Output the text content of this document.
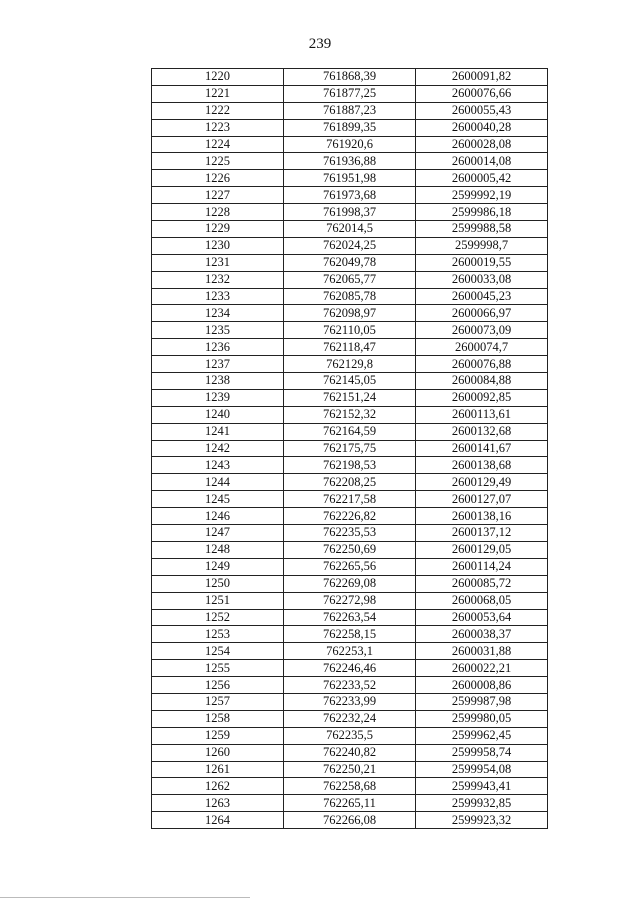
239
1220	761868,39	2600091,82
1221	761877,25	2600076,66
1222	761887,23	2600055,43
1223	761899,35	2600040,28
1224	761920,6	2600028,08
1225	761936,88	2600014,08
1226	761951,98	2600005,42
1227	761973,68	2599992,19
1228	761998,37	2599986,18
1229	762014,5	2599988,58
1230	762024,25	2599998,7
1231	762049,78	2600019,55
1232	762065,77	2600033,08
1233	762085,78	2600045,23
1234	762098,97	2600066,97
1235	762110,05	2600073,09
1236	762118,47	2600074,7
1237	762129,8	2600076,88
1238	762145,05	2600084,88
1239	762151,24	2600092,85
1240	762152,32	2600113,61
1241	762164,59	2600132,68
1242	762175,75	2600141,67
1243	762198,53	2600138,68
1244	762208,25	2600129,49
1245	762217,58	2600127,07
1246	762226,82	2600138,16
1247	762235,53	2600137,12
1248	762250,69	2600129,05
1249	762265,56	2600114,24
1250	762269,08	2600085,72
1251	762272,98	2600068,05
1252	762263,54	2600053,64
1253	762258,15	2600038,37
1254	762253,1	2600031,88
1255	762246,46	2600022,21
1256	762233,52	2600008,86
1257	762233,99	2599987,98
1258	762232,24	2599980,05
1259	762235,5	2599962,45
1260	762240,82	2599958,74
1261	762250,21	2599954,08
1262	762258,68	2599943,41
1263	762265,11	2599932,85
1264	762266,08	2599923,32
